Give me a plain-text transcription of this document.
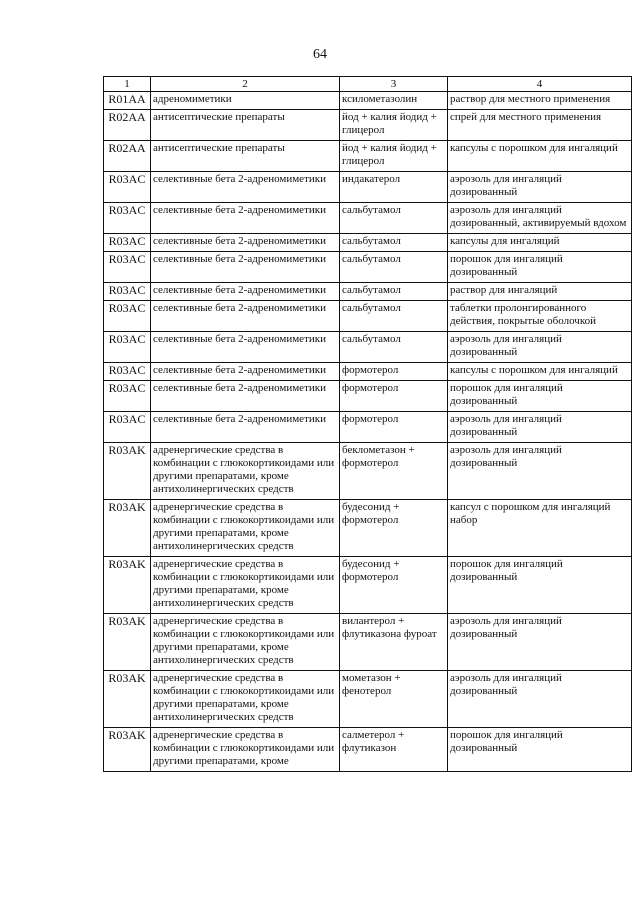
64
1	2	3	4
R01AA	адреномиметики	ксилометазолин	раствор для местного применения
R02AA	антисептические препараты	йод + калия йодид + глицерол	спрей для местного применения
R02AA	антисептические препараты	йод + калия йодид + глицерол	капсулы с порошком для ингаляций
R03AC	селективные бета 2-адреномиметики	индакатерол	аэрозоль для ингаляций дозированный
R03AC	селективные бета 2-адреномиметики	сальбутамол	аэрозоль для ингаляций дозированный, активируемый вдохом
R03AC	селективные бета 2-адреномиметики	сальбутамол	капсулы для ингаляций
R03AC	селективные бета 2-адреномиметики	сальбутамол	порошок для ингаляций дозированный
R03AC	селективные бета 2-адреномиметики	сальбутамол	раствор для ингаляций
R03AC	селективные бета 2-адреномиметики	сальбутамол	таблетки пролонгированного действия, покрытые оболочкой
R03AC	селективные бета 2-адреномиметики	сальбутамол	аэрозоль для ингаляций дозированный
R03AC	селективные бета 2-адреномиметики	формотерол	капсулы с порошком для ингаляций
R03AC	селективные бета 2-адреномиметики	формотерол	порошок для ингаляций дозированный
R03AC	селективные бета 2-адреномиметики	формотерол	аэрозоль для ингаляций дозированный
R03AK	адренергические средства в комбинации с глюкокортикоидами или другими препаратами, кроме антихолинергических средств	беклометазон + формотерол	аэрозоль для ингаляций дозированный
R03AK	адренергические средства в комбинации с глюкокортикоидами или другими препаратами, кроме антихолинергических средств	будесонид + формотерол	капсул с порошком для ингаляций набор
R03AK	адренергические средства в комбинации с глюкокортикоидами или другими препаратами, кроме антихолинергических средств	будесонид + формотерол	порошок для ингаляций дозированный
R03AK	адренергические средства в комбинации с глюкокортикоидами или другими препаратами, кроме антихолинергических средств	вилантерол + флутиказона фуроат	аэрозоль для ингаляций дозированный
R03AK	адренергические средства в комбинации с глюкокортикоидами или другими препаратами, кроме антихолинергических средств	мометазон + фенотерол	аэрозоль для ингаляций дозированный
R03AK	адренергические средства в комбинации с глюкокортикоидами или другими препаратами, кроме	салметерол + флутиказон	порошок для ингаляций дозированный
